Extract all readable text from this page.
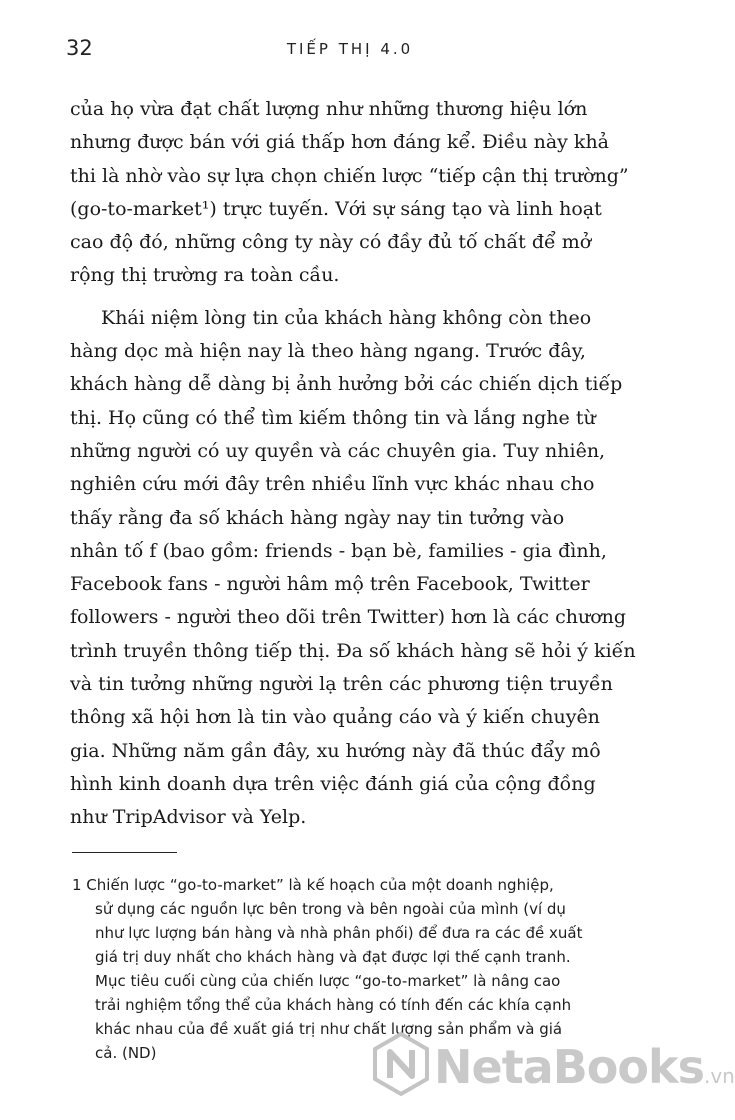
32	TIẾP THỊ 4.0
của họ vừa đạt chất lượng như những thương hiệu lớn
nhưng được bán với giá thấp hơn đáng kể. Điều này khả
thi là nhờ vào sự lựa chọn chiến lược “tiếp cận thị trường”
(go-to-market¹) trực tuyến. Với sự sáng tạo và linh hoạt
cao độ đó, những công ty này có đầy đủ tố chất để mở
rộng thị trường ra toàn cầu.
Khái niệm lòng tin của khách hàng không còn theo
hàng dọc mà hiện nay là theo hàng ngang. Trước đây,
khách hàng dễ dàng bị ảnh hưởng bởi các chiến dịch tiếp
thị. Họ cũng có thể tìm kiếm thông tin và lắng nghe từ
những người có uy quyền và các chuyên gia. Tuy nhiên,
nghiên cứu mới đây trên nhiều lĩnh vực khác nhau cho
thấy rằng đa số khách hàng ngày nay tin tưởng vào
nhân tố f (bao gồm: friends - bạn bè, families - gia đình,
Facebook fans - người hâm mộ trên Facebook, Twitter
followers - người theo dõi trên Twitter) hơn là các chương
trình truyền thông tiếp thị. Đa số khách hàng sẽ hỏi ý kiến
và tin tưởng những người lạ trên các phương tiện truyền
thông xã hội hơn là tin vào quảng cáo và ý kiến chuyên
gia. Những năm gần đây, xu hướng này đã thúc đẩy mô
hình kinh doanh dựa trên việc đánh giá của cộng đồng
như TripAdvisor và Yelp.
1 Chiến lược “go-to-market” là kế hoạch của một doanh nghiệp,
sử dụng các nguồn lực bên trong và bên ngoài của mình (ví dụ
như lực lượng bán hàng và nhà phân phối) để đưa ra các đề xuất
giá trị duy nhất cho khách hàng và đạt được lợi thế cạnh tranh.
Mục tiêu cuối cùng của chiến lược “go-to-market” là nâng cao
trải nghiệm tổng thể của khách hàng có tính đến các khía cạnh
khác nhau của đề xuất giá trị như chất lượng sản phẩm và giá
cả. (ND)	NetaBooks.vn
